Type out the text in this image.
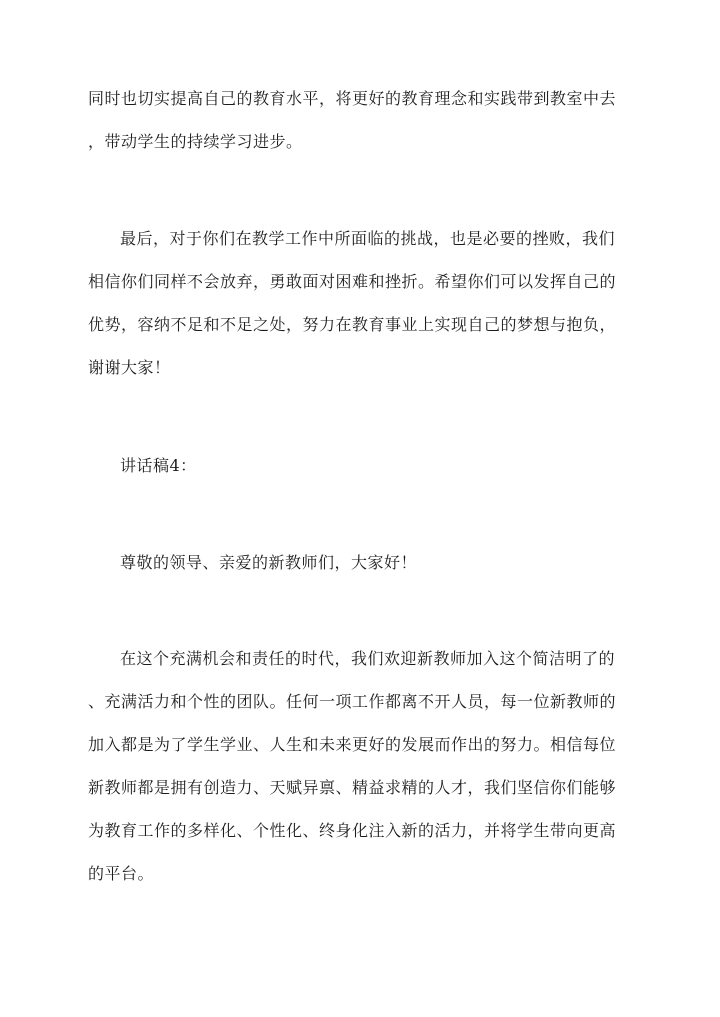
同时也切实提高自己的教育水平，将更好的教育理念和实践带到教室中去
，带动学生的持续学习进步。
最后，对于你们在教学工作中所面临的挑战，也是必要的挫败，我们
相信你们同样不会放弃，勇敢面对困难和挫折。希望你们可以发挥自己的
优势，容纳不足和不足之处，努力在教育事业上实现自己的梦想与抱负，
谢谢大家！
讲话稿4：
尊敬的领导、亲爱的新教师们，大家好！
在这个充满机会和责任的时代，我们欢迎新教师加入这个简洁明了的
、充满活力和个性的团队。任何一项工作都离不开人员，每一位新教师的
加入都是为了学生学业、人生和未来更好的发展而作出的努力。相信每位
新教师都是拥有创造力、天赋异禀、精益求精的人才，我们坚信你们能够
为教育工作的多样化、个性化、终身化注入新的活力，并将学生带向更高
的平台。
